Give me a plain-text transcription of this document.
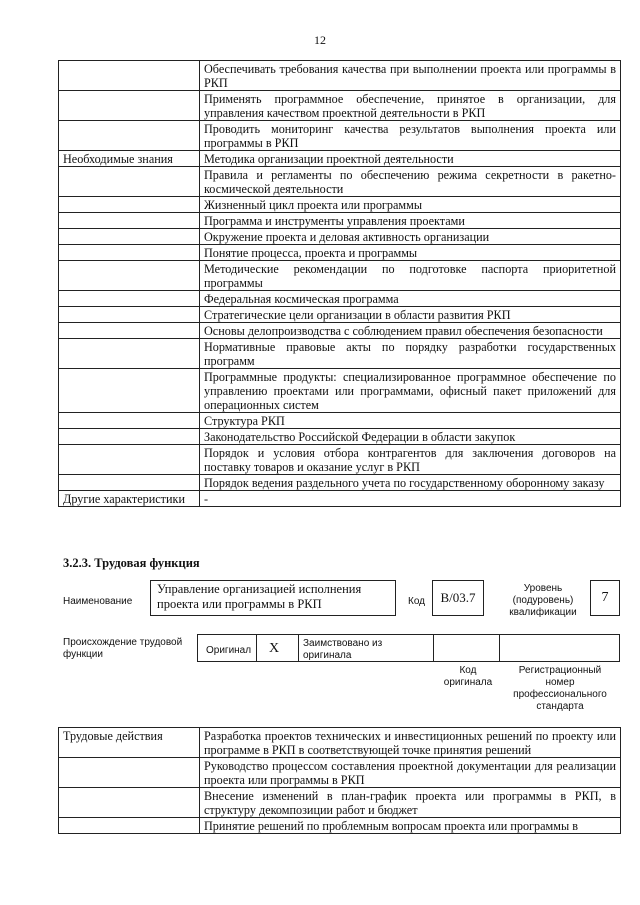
12
	Обеспечивать требования качества при выполнении проекта или программы в РКП
	Применять программное обеспечение, принятое в организации, для управления качеством проектной деятельности в РКП
	Проводить мониторинг качества результатов выполнения проекта или программы в РКП
Необходимые знания	Методика организации проектной деятельности
	Правила и регламенты по обеспечению режима секретности в ракетно-космической деятельности
	Жизненный цикл проекта или программы
	Программа и инструменты управления проектами
	Окружение проекта и деловая активность организации
	Понятие процесса, проекта и программы
	Методические рекомендации по подготовке паспорта приоритетной программы
	Федеральная космическая программа
	Стратегические цели организации в области развития РКП
	Основы делопроизводства с соблюдением правил обеспечения безопасности
	Нормативные правовые акты по порядку разработки государственных программ
	Программные продукты: специализированное программное обеспечение по управлению проектами или программами, офисный пакет приложений для операционных систем
	Структура РКП
	Законодательство Российской Федерации в области закупок
	Порядок и условия отбора контрагентов для заключения договоров на поставку товаров и оказание услуг в РКП
	Порядок ведения раздельного учета по государственному оборонному заказу
Другие характеристики	-
3.2.3. Трудовая функция
Наименование
Управление организацией исполнения проекта или программы в РКП	Код В/03.7
Уровень (подуровень) квалификации
7
Происхождение трудовой функции	Оригинал	X	Заимствовано из оригинала
Код оригинала
Регистрационный номер профессионального стандарта
Трудовые действия	Разработка проектов технических и инвестиционных решений по проекту или программе в РКП в соответствующей точке принятия решений
	Руководство процессом составления проектной документации для реализации проекта или программы в РКП
	Внесение изменений в план-график проекта или программы в РКП, в структуру декомпозиции работ и бюджет
	Принятие решений по проблемным вопросам проекта или программы в
